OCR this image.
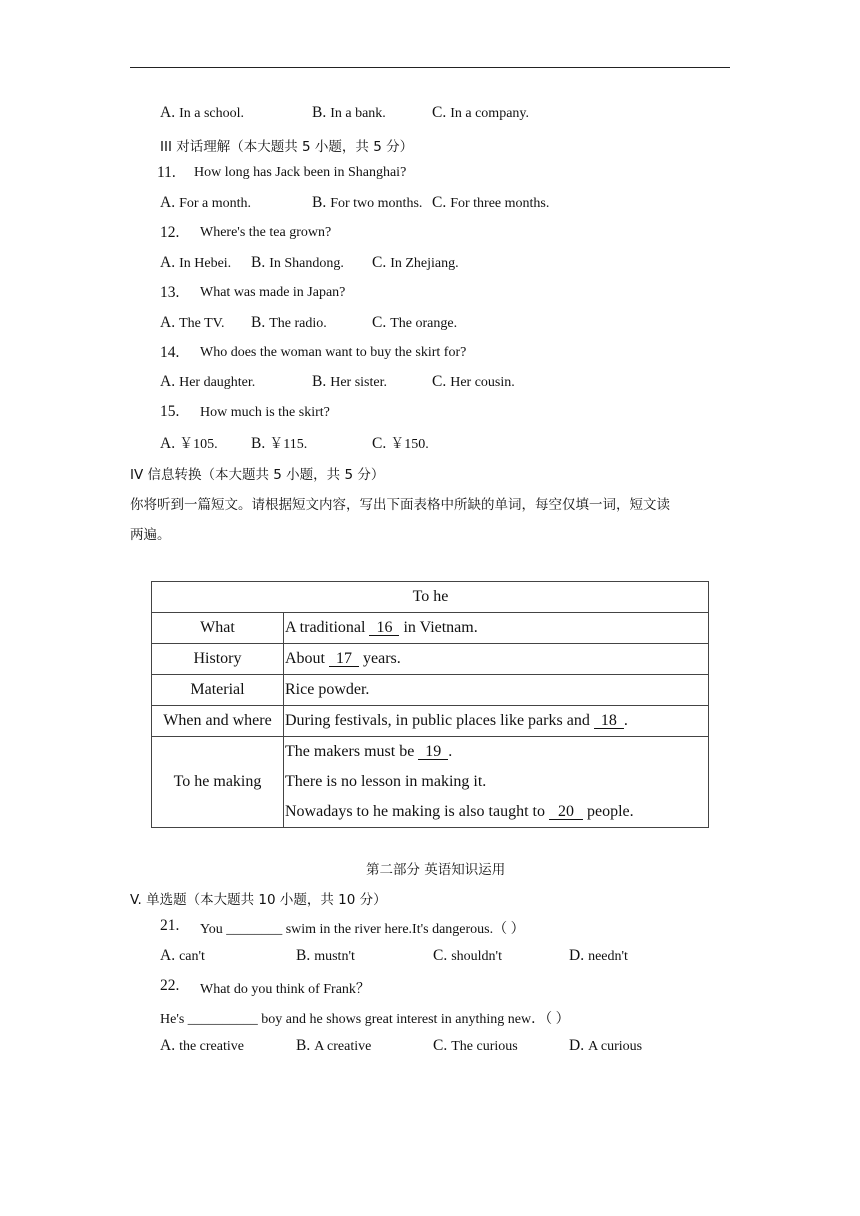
A. In a school.	B. In a bank.	C. In a company.
III 对话理解（本大题共 5 小题，共 5 分）
11. How long has Jack been in Shanghai?
A. For a month.	B. For two months. C. For three months.
12. Where's the tea grown?
A. In Hebei. B. In Shandong. C. In Zhejiang.
13. What was made in Japan?
A. The TV. B. The radio.	C. The orange.
14. Who does the woman want to buy the skirt for?
A. Her daughter.	B. Her sister.	C. Her cousin.
15. How much is the skirt?
A. ￥105. B. ￥115.	C. ￥150.
IV 信息转换（本大题共 5 小题，共 5 分）
你将听到一篇短文。请根据短文内容，写出下面表格中所缺的单词，每空仅填一词，短文读
两遍。
To he	
What	A traditional 16 in Vietnam.
History	About 17 years.
Material	Rice powder.
When and where	During festivals, in public places like parks and 18 .
To he making	The makers must be 19 .
There is no lesson in making it.
Nowadays to he making is also taught to 20 people.
第二部分 英语知识运用
V. 单选题（本大题共 10 小题，共 10 分）
21. You ________ swim in the river here.It's dangerous.（ ）
A. can't	B. mustn't	C. shouldn't	D. needn't
22. What do you think of Frank？
He's __________ boy and he shows great interest in anything new．（ ）
A. the creative	B. A creative	C. The curious	D. A curious
